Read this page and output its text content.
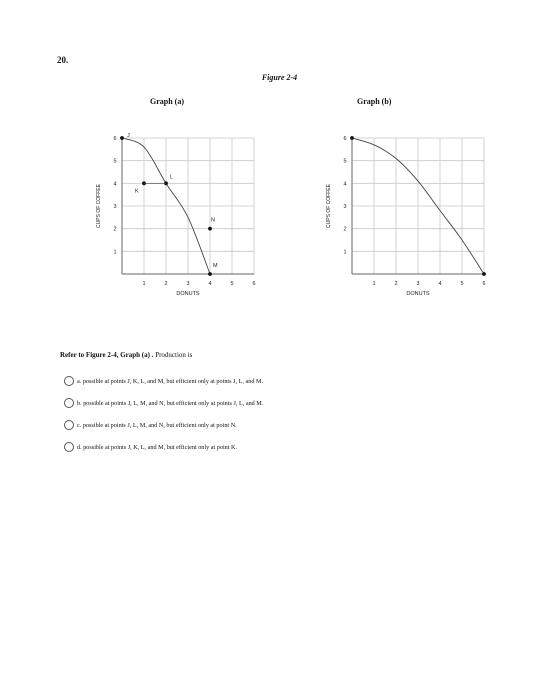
20.
Figure 2-4
Graph (a)	Graph (b)
1	2	3	4	5	6
1
2
3
4
5
6
DONUTS
CUPS OF COFFEE
J
K
L
N
M
1	2	3	4	5	6
1
2
3
4
5
6
DONUTS
CUPS OF COFFEE
Refer to Figure 2-4, Graph (a) . Production is
a. possible at points J, K, L, and M, but efficient only at points J, L, and M.
b. possible at points J, L, M, and N, but efficient only at points J, L, and M.
c. possible at points J, L, M, and N, but efficient only at point N.
d. possible at points J, K, L, and M, but efficient only at point K.
